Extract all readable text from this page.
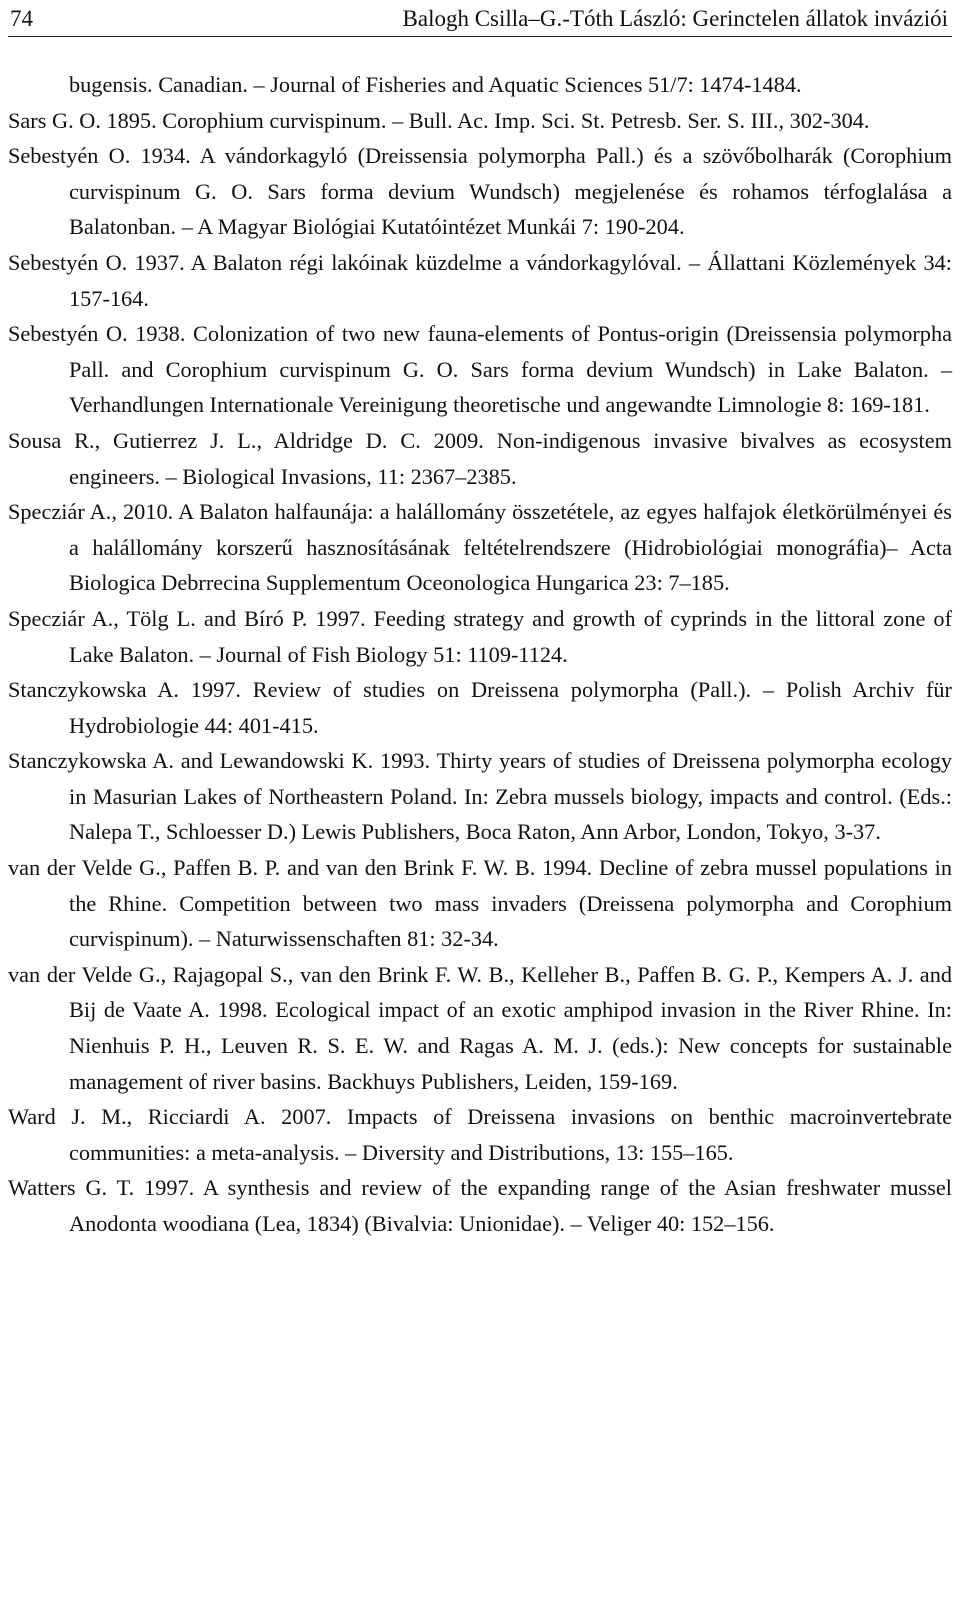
74	Balogh Csilla–G.-Tóth László: Gerinctelen állatok inváziói
bugensis. Canadian. – Journal of Fisheries and Aquatic Sciences 51/7: 1474-1484.
Sars G. O. 1895. Corophium curvispinum. – Bull. Ac. Imp. Sci. St. Petresb. Ser. S. III., 302-304.
Sebestyén O. 1934. A vándorkagyló (Dreissensia polymorpha Pall.) és a szövőbolharák (Corophium curvispinum G. O. Sars forma devium Wundsch) megjelenése és rohamos térfoglalása a Balatonban. – A Magyar Biológiai Kutatóintézet Munkái 7: 190-204.
Sebestyén O. 1937. A Balaton régi lakóinak küzdelme a vándorkagylóval. – Állattani Közlemények 34: 157-164.
Sebestyén O. 1938. Colonization of two new fauna-elements of Pontus-origin (Dreissensia polymorpha Pall. and Corophium curvispinum G. O. Sars forma devium Wundsch) in Lake Balaton. – Verhandlungen Internationale Vereinigung theoretische und angewandte Limnologie 8: 169-181.
Sousa R., Gutierrez J. L., Aldridge D. C. 2009. Non-indigenous invasive bivalves as ecosystem engineers. – Biological Invasions, 11: 2367–2385.
Specziár A., 2010. A Balaton halfaunája: a halállomány összetétele, az egyes halfajok életkörülményei és a halállomány korszerű hasznosításának feltételrendszere (Hidrobiológiai monográfia)– Acta Biologica Debrrecina Supplementum Oceonologica Hungarica 23: 7–185.
Specziár A., Tölg L. and Bíró P. 1997. Feeding strategy and growth of cyprinds in the littoral zone of Lake Balaton. – Journal of Fish Biology 51: 1109-1124.
Stanczykowska A. 1997. Review of studies on Dreissena polymorpha (Pall.). – Polish Archiv für Hydrobiologie 44: 401-415.
Stanczykowska A. and Lewandowski K. 1993. Thirty years of studies of Dreissena polymorpha ecology in Masurian Lakes of Northeastern Poland. In: Zebra mussels biology, impacts and control. (Eds.: Nalepa T., Schloesser D.) Lewis Publishers, Boca Raton, Ann Arbor, London, Tokyo, 3-37.
van der Velde G., Paffen B. P. and van den Brink F. W. B. 1994. Decline of zebra mussel populations in the Rhine. Competition between two mass invaders (Dreissena polymorpha and Corophium curvispinum). – Naturwissenschaften 81: 32-34.
van der Velde G., Rajagopal S., van den Brink F. W. B., Kelleher B., Paffen B. G. P., Kempers A. J. and Bij de Vaate A. 1998. Ecological impact of an exotic amphipod invasion in the River Rhine. In: Nienhuis P. H., Leuven R. S. E. W. and Ragas A. M. J. (eds.): New concepts for sustainable management of river basins. Backhuys Publishers, Leiden, 159-169.
Ward J. M., Ricciardi A. 2007. Impacts of Dreissena invasions on benthic macroinvertebrate communities: a meta-analysis. – Diversity and Distributions, 13: 155–165.
Watters G. T. 1997. A synthesis and review of the expanding range of the Asian freshwater mussel Anodonta woodiana (Lea, 1834) (Bivalvia: Unionidae). – Veliger 40: 152–156.
